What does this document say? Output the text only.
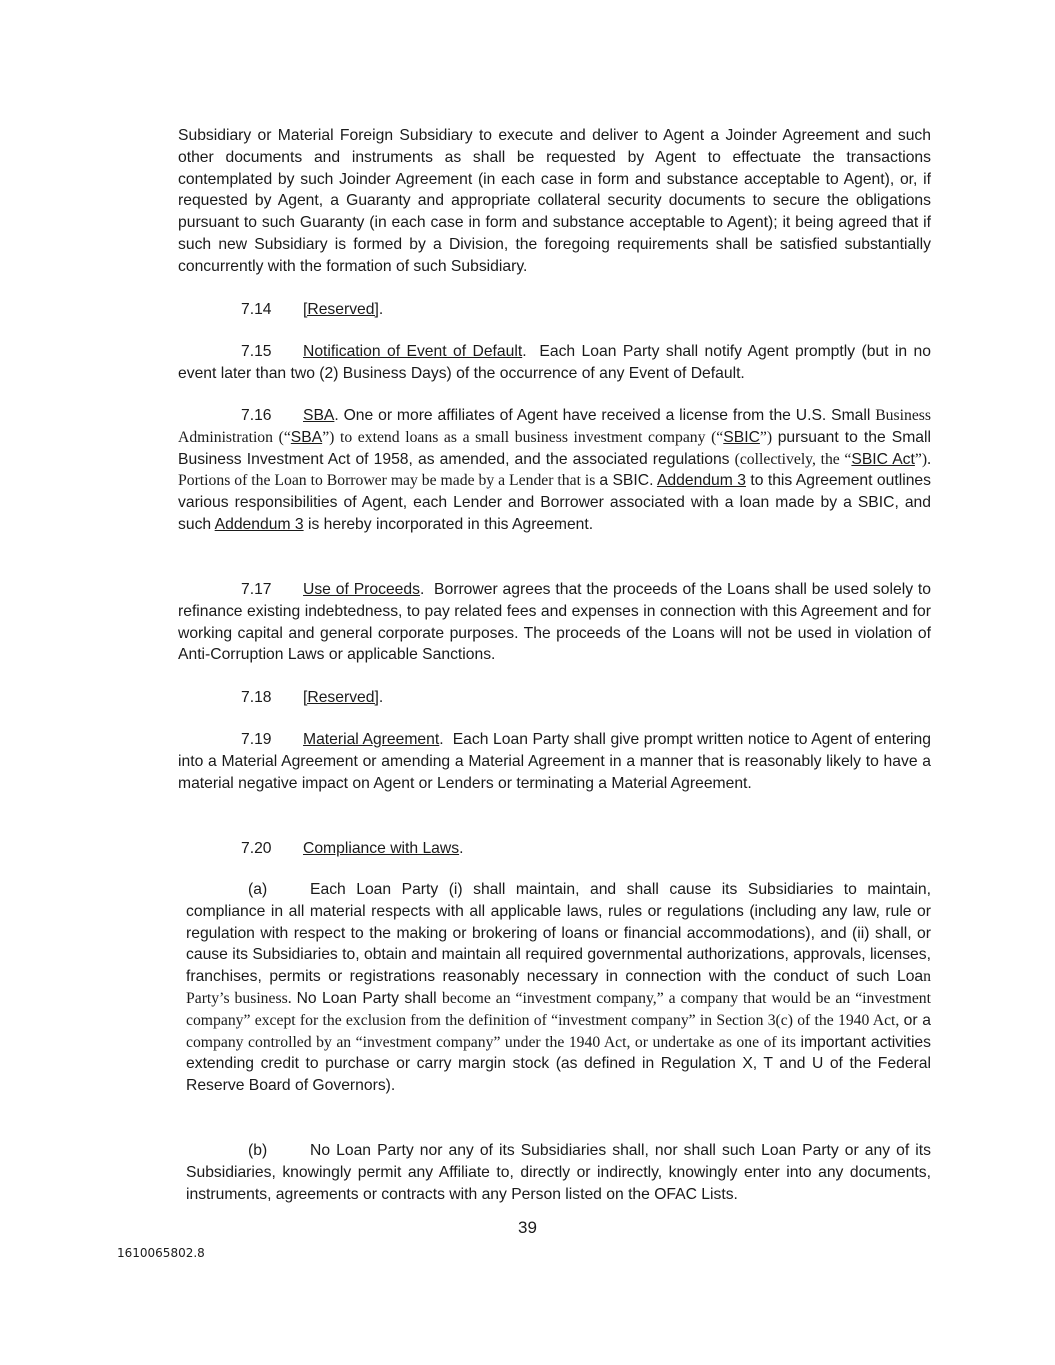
Subsidiary or Material Foreign Subsidiary to execute and deliver to Agent a Joinder Agreement and such other documents and instruments as shall be requested by Agent to effectuate the transactions contemplated by such Joinder Agreement (in each case in form and substance acceptable to Agent), or, if requested by Agent, a Guaranty and appropriate collateral security documents to secure the obligations pursuant to such Guaranty (in each case in form and substance acceptable to Agent); it being agreed that if such new Subsidiary is formed by a Division, the foregoing requirements shall be satisfied substantially concurrently with the formation of such Subsidiary.

7.14 [Reserved].

7.15 Notification of Event of Default.  Each Loan Party shall notify Agent promptly (but in no event later than two (2) Business Days) of the occurrence of any Event of Default.

7.16 SBA. One or more affiliates of Agent have received a license from the U.S. Small Business Administration (“SBA”) to extend loans as a small business investment company (“SBIC”) pursuant to the Small Business Investment Act of 1958, as amended, and the associated regulations (collectively, the “SBIC Act”). Portions of the Loan to Borrower may be made by a Lender that is a SBIC. Addendum 3 to this Agreement outlines various responsibilities of Agent, each Lender and Borrower associated with a loan made by a SBIC, and such Addendum 3 is hereby incorporated in this Agreement.

7.17 Use of Proceeds.  Borrower agrees that the proceeds of the Loans shall be used solely to refinance existing indebtedness, to pay related fees and expenses in connection with this Agreement and for working capital and general corporate purposes. The proceeds of the Loans will not be used in violation of Anti-Corruption Laws or applicable Sanctions.

7.18 [Reserved].

7.19 Material Agreement.  Each Loan Party shall give prompt written notice to Agent of entering into a Material Agreement or amending a Material Agreement in a manner that is reasonably likely to have a material negative impact on Agent or Lenders or terminating a Material Agreement.

7.20 Compliance with Laws.

(a)	Each Loan Party (i) shall maintain, and shall cause its Subsidiaries to maintain, compliance in all material respects with all applicable laws, rules or regulations (including any law, rule or regulation with respect to the making or brokering of loans or financial accommodations), and (ii) shall, or cause its Subsidiaries to, obtain and maintain all required governmental authorizations, approvals, licenses, franchises, permits or registrations reasonably necessary in connection with the conduct of such Loan Party’s business. No Loan Party shall become an “investment company,” a company that would be an “investment company” except for the exclusion from the definition of “investment company” in Section 3(c) of the 1940 Act, or a company controlled by an “investment company” under the 1940 Act, or undertake as one of its important activities extending credit to purchase or carry margin stock (as defined in Regulation X, T and U of the Federal Reserve Board of Governors).

(b)	No Loan Party nor any of its Subsidiaries shall, nor shall such Loan Party or any of its Subsidiaries, knowingly permit any Affiliate to, directly or indirectly, knowingly enter into any documents, instruments, agreements or contracts with any Person listed on the OFAC Lists.

39
1610065802.8
